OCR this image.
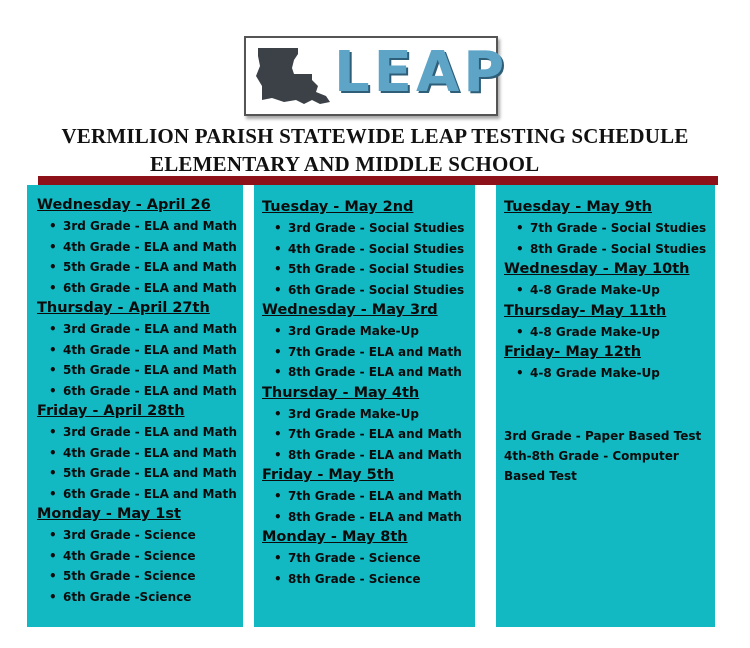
LEAP
VERMILION PARISH STATEWIDE LEAP TESTING SCHEDULE
ELEMENTARY AND MIDDLE SCHOOL
Wednesday - April 26
• 3rd Grade - ELA and Math
• 4th Grade - ELA and Math
• 5th Grade - ELA and Math
• 6th Grade - ELA and Math
Thursday - April 27th
• 3rd Grade - ELA and Math
• 4th Grade - ELA and Math
• 5th Grade - ELA and Math
• 6th Grade - ELA and Math
Friday - April 28th
• 3rd Grade - ELA and Math
• 4th Grade - ELA and Math
• 5th Grade - ELA and Math
• 6th Grade - ELA and Math
Monday - May 1st
• 3rd Grade - Science
• 4th Grade - Science
• 5th Grade - Science
• 6th Grade -Science
Tuesday - May 2nd
• 3rd Grade - Social Studies
• 4th Grade - Social Studies
• 5th Grade - Social Studies
• 6th Grade - Social Studies
Wednesday - May 3rd
• 3rd Grade Make-Up
• 7th Grade - ELA and Math
• 8th Grade - ELA and Math
Thursday - May 4th
• 3rd Grade Make-Up
• 7th Grade - ELA and Math
• 8th Grade - ELA and Math
Friday - May 5th
• 7th Grade - ELA and Math
• 8th Grade - ELA and Math
Monday - May 8th
• 7th Grade - Science
• 8th Grade - Science
Tuesday - May 9th
• 7th Grade - Social Studies
• 8th Grade - Social Studies
Wednesday - May 10th
• 4-8 Grade Make-Up
Thursday- May 11th
• 4-8 Grade Make-Up
Friday- May 12th
• 4-8 Grade Make-Up
3rd Grade - Paper Based Test
4th-8th Grade - Computer
Based Test
